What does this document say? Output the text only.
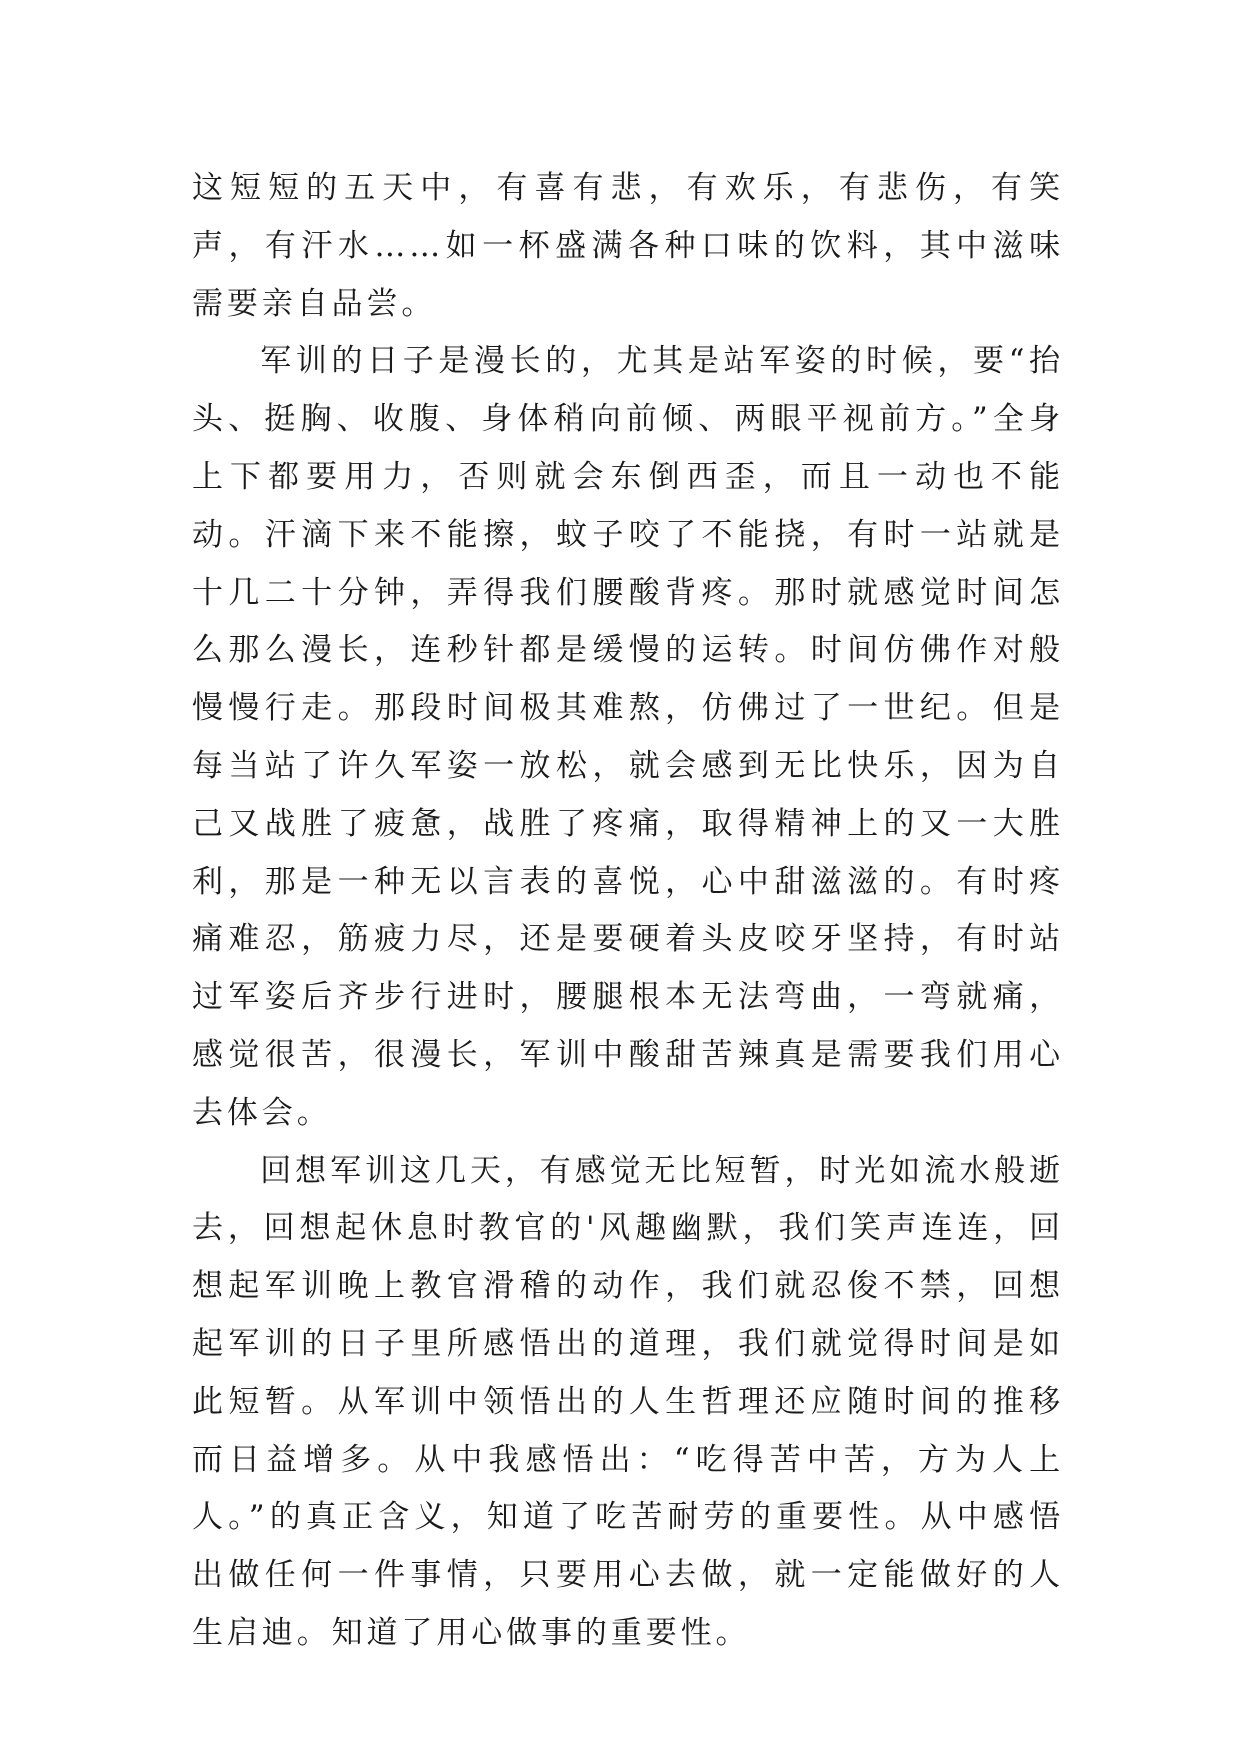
这短短的五天中，有喜有悲，有欢乐，有悲伤，有笑声，有汗水……如一杯盛满各种口味的饮料，其中滋味需要亲自品尝。

军训的日子是漫长的，尤其是站军姿的时候，要“抬头、挺胸、收腹、身体稍向前倾、两眼平视前方。”全身上下都要用力，否则就会东倒西歪，而且一动也不能动。汗滴下来不能擦，蚊子咬了不能挠，有时一站就是十几二十分钟，弄得我们腰酸背疼。那时就感觉时间怎么那么漫长，连秒针都是缓慢的运转。时间仿佛作对般慢慢行走。那段时间极其难熬，仿佛过了一世纪。但是每当站了许久军姿一放松，就会感到无比快乐，因为自己又战胜了疲惫，战胜了疼痛，取得精神上的又一大胜利，那是一种无以言表的喜悦，心中甜滋滋的。有时疼痛难忍，筋疲力尽，还是要硬着头皮咬牙坚持，有时站过军姿后齐步行进时，腰腿根本无法弯曲，一弯就痛，感觉很苦，很漫长，军训中酸甜苦辣真是需要我们用心去体会。

回想军训这几天，有感觉无比短暂，时光如流水般逝去，回想起休息时教官的'风趣幽默，我们笑声连连，回想起军训晚上教官滑稽的动作，我们就忍俊不禁，回想起军训的日子里所感悟出的道理，我们就觉得时间是如此短暂。从军训中领悟出的人生哲理还应随时间的推移而日益增多。从中我感悟出：“吃得苦中苦，方为人上人。”的真正含义，知道了吃苦耐劳的重要性。从中感悟出做任何一件事情，只要用心去做，就一定能做好的人生启迪。知道了用心做事的重要性。
